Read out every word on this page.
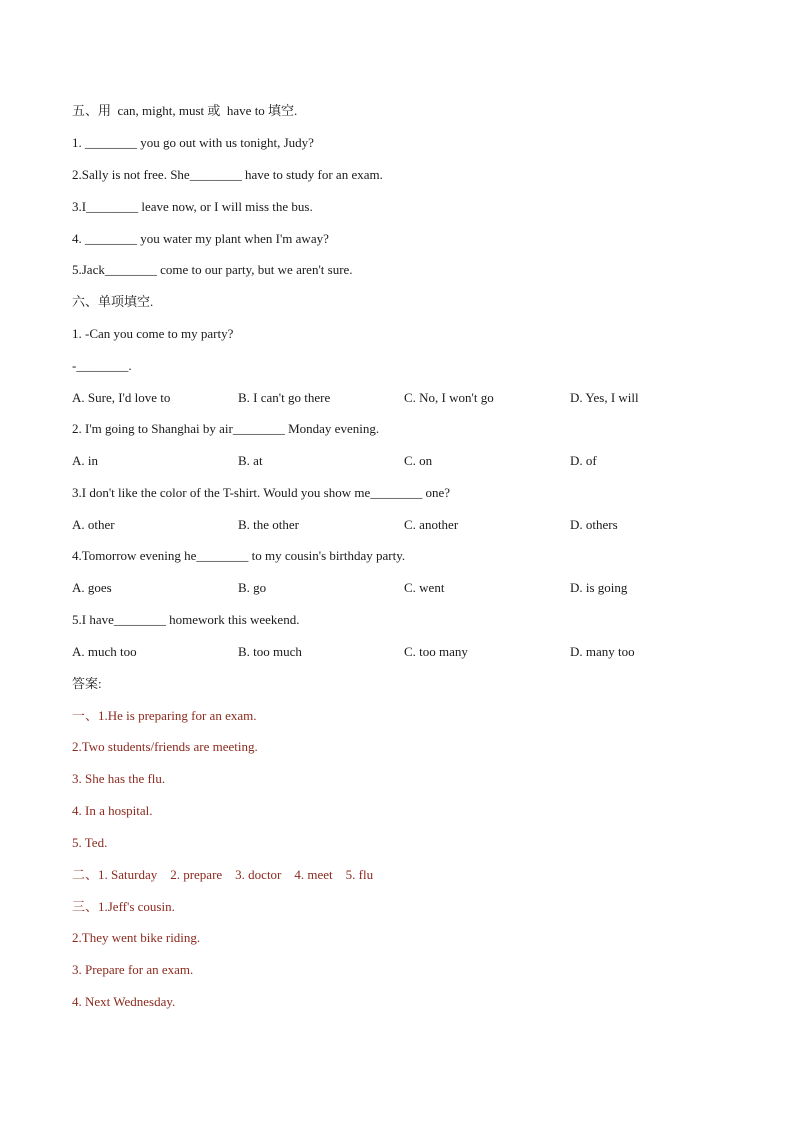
五、用  can, might, must 或  have to 填空.
1. ________ you go out with us tonight, Judy?
2.Sally is not free. She________ have to study for an exam.
3.I________ leave now, or I will miss the bus.
4. ________ you water my plant when I'm away?
5.Jack________ come to our party, but we aren't sure.
六、单项填空.
1. -Can you come to my party?
-________.
A. Sure, I'd love to	B. I can't go there	C. No, I won't go	D. Yes, I will
2. I'm going to Shanghai by air________ Monday evening.
A. in	B. at	C. on	D. of
3.I don't like the color of the T-shirt. Would you show me________ one?
A. other	B. the other	C. another	D. others
4.Tomorrow evening he________ to my cousin's birthday party.
A. goes	B. go	C. went	D. is going
5.I have________ homework this weekend.
A. much too	B. too much	C. too many	D. many too
答案:
一、1.He is preparing for an exam.
2.Two students/friends are meeting.
3. She has the flu.
4. In a hospital.
5. Ted.
二、1. Saturday    2. prepare    3. doctor    4. meet    5. flu
三、1.Jeff's cousin.
2.They went bike riding.
3. Prepare for an exam.
4. Next Wednesday.
